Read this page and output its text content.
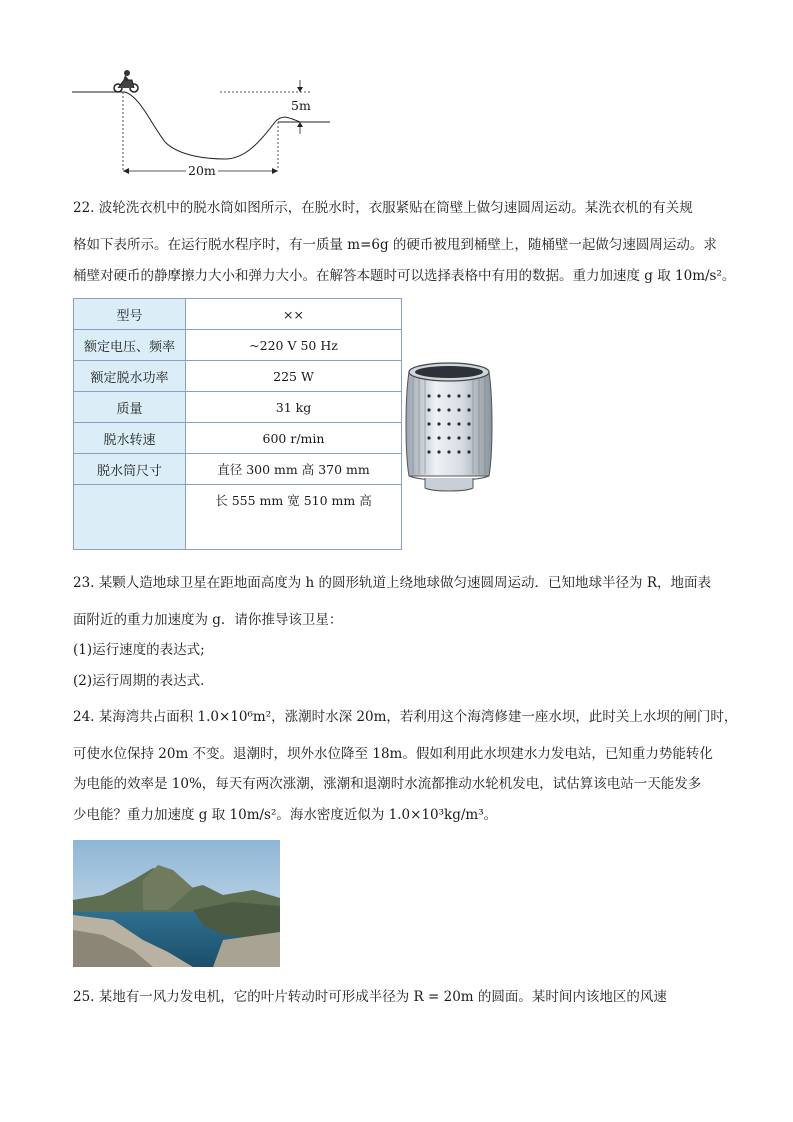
5m
20m
22. 波轮洗衣机中的脱水筒如图所示，在脱水时，衣服紧贴在筒壁上做匀速圆周运动。某洗衣机的有关规
格如下表所示。在运行脱水程序时，有一质量 m=6g 的硬币被甩到桶壁上，随桶壁一起做匀速圆周运动。求
桶壁对硬币的静摩擦力大小和弹力大小。在解答本题时可以选择表格中有用的数据。重力加速度 g 取 10m/s²。
型号	××
额定电压、频率	~220 V 50 Hz
额定脱水功率	225 W
质量	31 kg
脱水转速	600 r/min
脱水筒尺寸	直径 300 mm 高 370 mm
	长 555 mm 宽 510 mm 高
23. 某颗人造地球卫星在距地面高度为 h 的圆形轨道上绕地球做匀速圆周运动．已知地球半径为 R，地面表
面附近的重力加速度为 g．请你推导该卫星：
(1)运行速度的表达式;
(2)运行周期的表达式．
24. 某海湾共占面积 1.0×10⁶m²，涨潮时水深 20m，若利用这个海湾修建一座水坝，此时关上水坝的闸门时，
可使水位保持 20m 不变。退潮时，坝外水位降至 18m。假如利用此水坝建水力发电站，已知重力势能转化
为电能的效率是 10%，每天有两次涨潮，涨潮和退潮时水流都推动水轮机发电，试估算该电站一天能发多
少电能？重力加速度 g 取 10m/s²。海水密度近似为 1.0×10³kg/m³。
25. 某地有一风力发电机，它的叶片转动时可形成半径为 R = 20m 的圆面。某时间内该地区的风速
